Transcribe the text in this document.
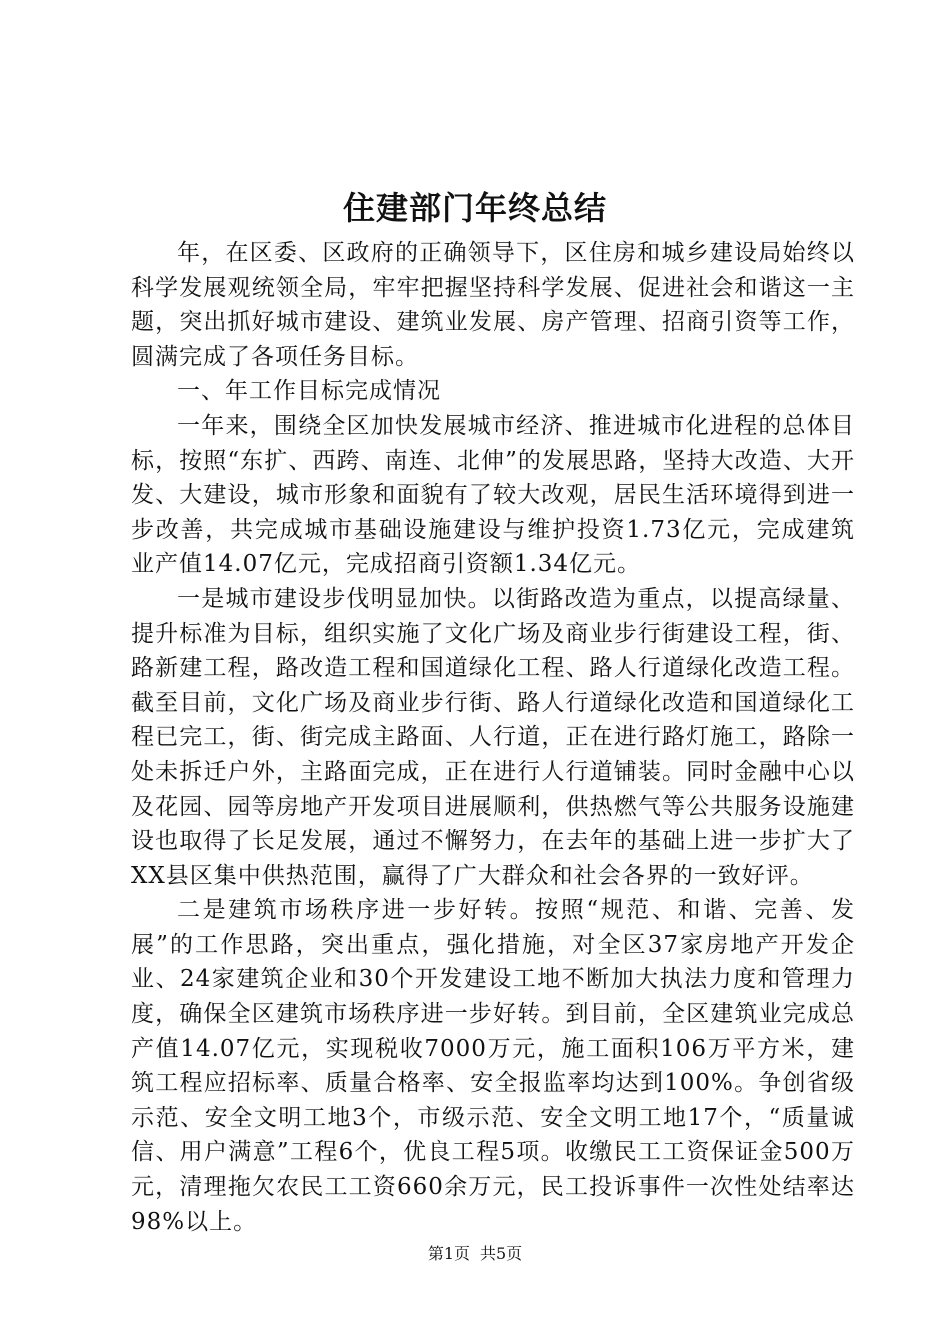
住建部门年终总结

年，在区委、区政府的正确领导下，区住房和城乡建设局始终以科学发展观统领全局，牢牢把握坚持科学发展、促进社会和谐这一主题，突出抓好城市建设、建筑业发展、房产管理、招商引资等工作，圆满完成了各项任务目标。

一、年工作目标完成情况

一年来，围绕全区加快发展城市经济、推进城市化进程的总体目标，按照“东扩、西跨、南连、北伸”的发展思路，坚持大改造、大开发、大建设，城市形象和面貌有了较大改观，居民生活环境得到进一步改善，共完成城市基础设施建设与维护投资1.73亿元，完成建筑业产值14.07亿元，完成招商引资额1.34亿元。

一是城市建设步伐明显加快。以街路改造为重点，以提高绿量、提升标准为目标，组织实施了文化广场及商业步行街建设工程，街、路新建工程，路改造工程和国道绿化工程、路人行道绿化改造工程。截至目前，文化广场及商业步行街、路人行道绿化改造和国道绿化工程已完工，街、街完成主路面、人行道，正在进行路灯施工，路除一处未拆迁户外，主路面完成，正在进行人行道铺装。同时金融中心以及花园、园等房地产开发项目进展顺利，供热燃气等公共服务设施建设也取得了长足发展，通过不懈努力，在去年的基础上进一步扩大了XX县区集中供热范围，赢得了广大群众和社会各界的一致好评。

二是建筑市场秩序进一步好转。按照“规范、和谐、完善、发展”的工作思路，突出重点，强化措施，对全区37家房地产开发企业、24家建筑企业和30个开发建设工地不断加大执法力度和管理力度，确保全区建筑市场秩序进一步好转。到目前，全区建筑业完成总产值14.07亿元，实现税收7000万元，施工面积106万平方米，建筑工程应招标率、质量合格率、安全报监率均达到100%。争创省级示范、安全文明工地3个，市级示范、安全文明工地17个，“质量诚信、用户满意”工程6个，优良工程5项。收缴民工工资保证金500万元，清理拖欠农民工工资660余万元，民工投诉事件一次性处结率达98%以上。

第1页 共5页
